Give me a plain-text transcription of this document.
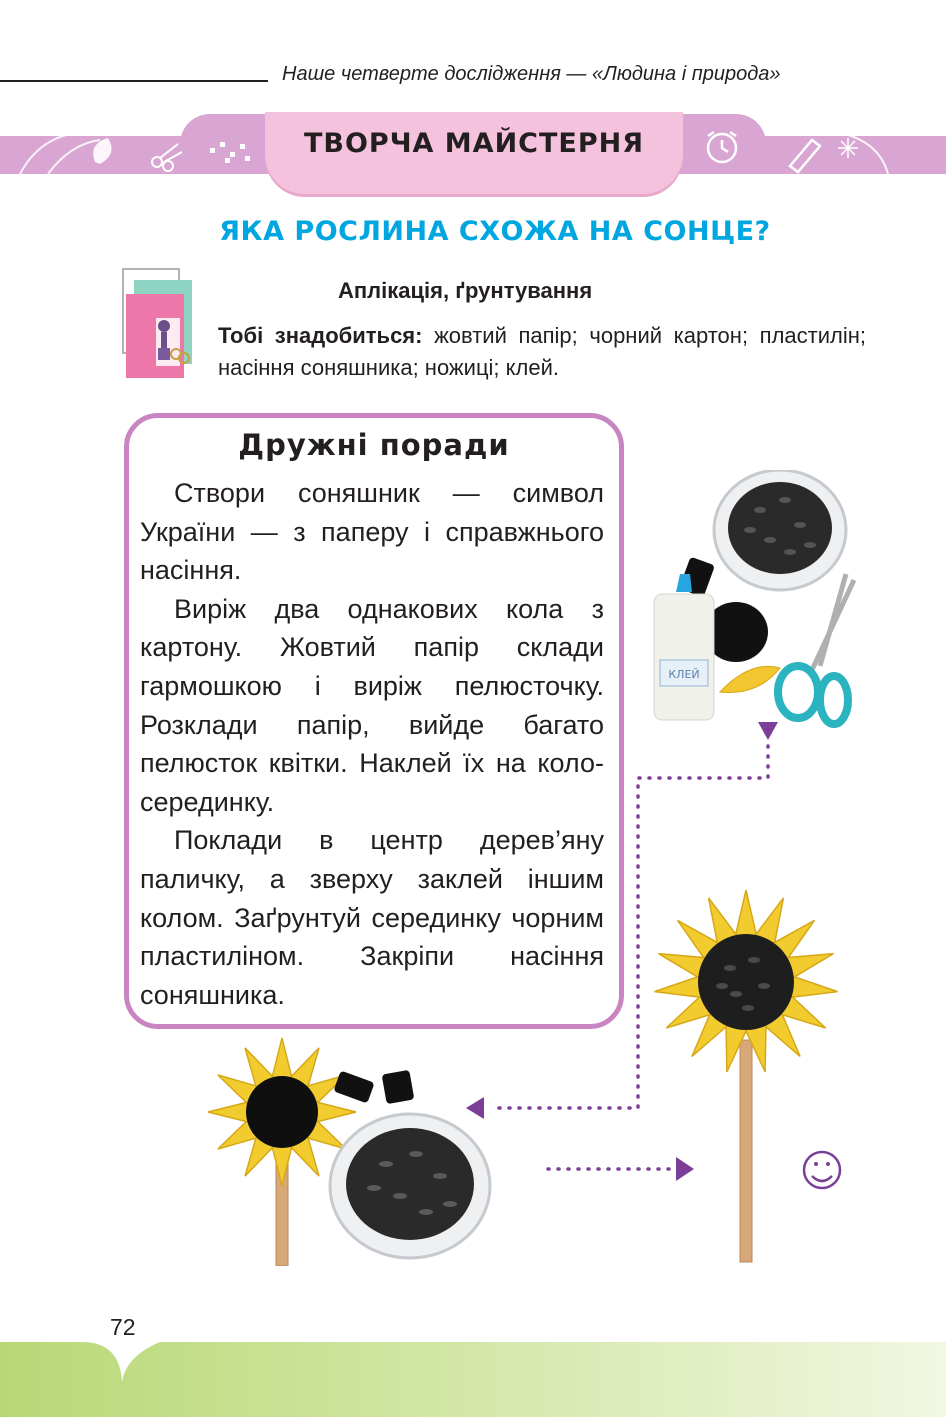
Наше четверте дослідження — «Людина і природа»
ТВОРЧА МАЙСТЕРНЯ
ЯКА РОСЛИНА СХОЖА НА СОНЦЕ?
Аплікація, ґрунтування
Тобі знадобиться: жовтий папір; чорний картон; пластилін; насіння соняшника; ножиці; клей.
Дружні поради

Створи соняшник — символ України — з паперу і справжнього насіння.

Виріж два однакових кола з картону. Жовтий папір склади гармошкою і виріж пелюсточку. Розклади папір, вийде багато пелюсток квітки. Наклей їх на коло-серединку.

Поклади в центр дерев’яну паличку, а зверху заклей іншим колом. Заґрунтуй серединку чорним пластиліном. Закріпи насіння соняшника.

КЛЕЙ
72
